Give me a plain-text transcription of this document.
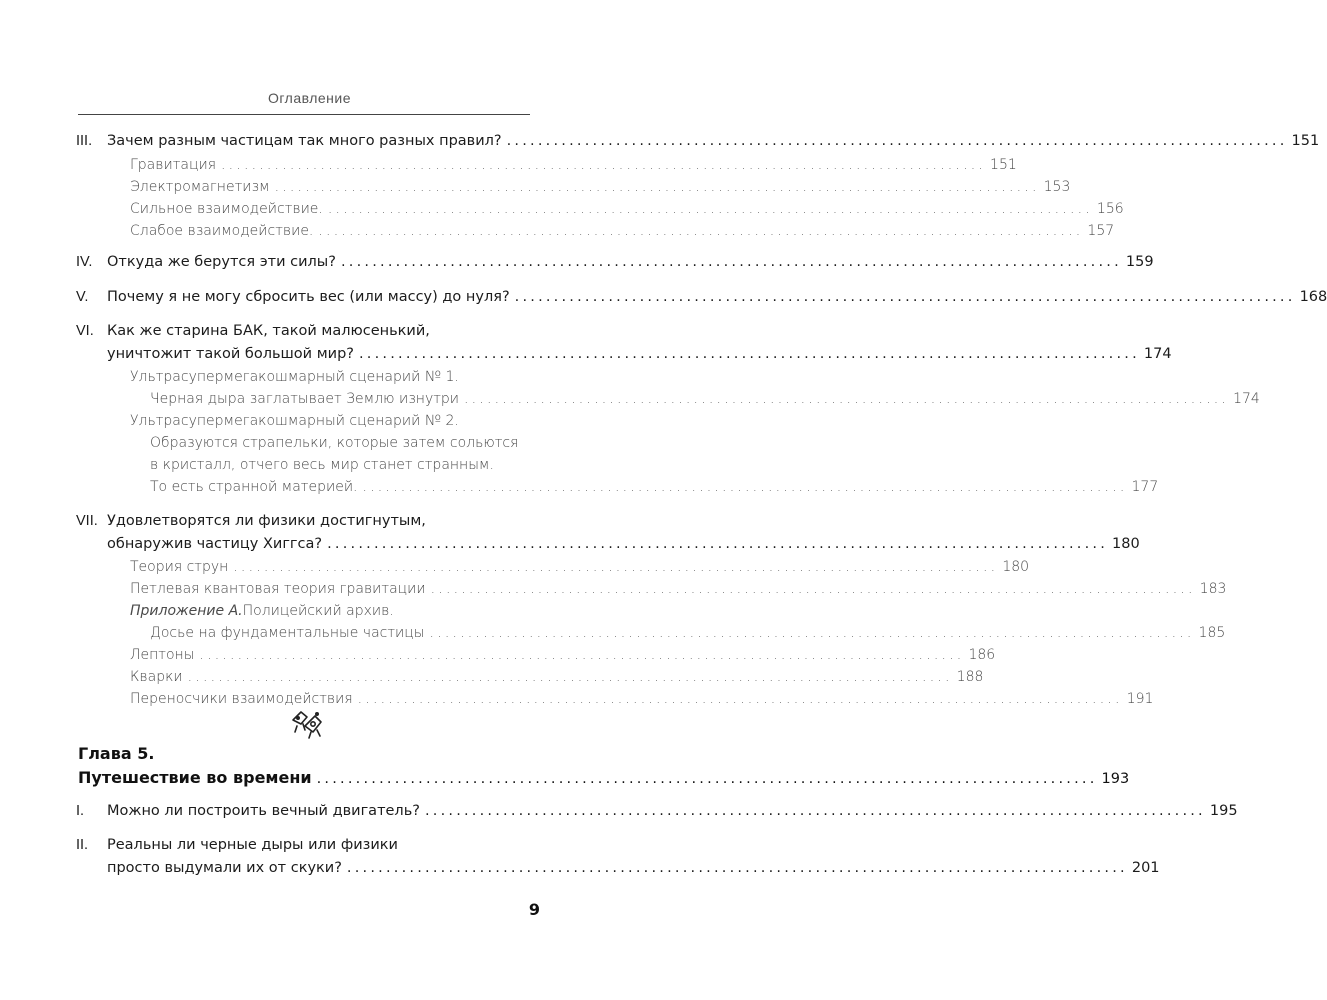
Оглавление
III.	Зачем разным частицам так много разных правил? .................................................................................................... 151
Гравитация .................................................................................................... 151
Электромагнетизм .................................................................................................... 153
Сильное взаимодействие. .................................................................................................... 156
Слабое взаимодействие. .................................................................................................... 157
IV.	Откуда же берутся эти силы? .................................................................................................... 159
V.	Почему я не могу сбросить вес (или массу) до нуля? .................................................................................................... 168
VI. Как же старина БАК, такой малюсенький,
уничтожит такой большой мир? .................................................................................................... 174
Ультрасупермегакошмарный сценарий № 1.
Черная дыра заглатывает Землю изнутри .................................................................................................... 174
Ультрасупермегакошмарный сценарий № 2.
Образуются страпельки, которые затем сольются
в кристалл, отчего весь мир станет странным.
То есть странной материей. .................................................................................................... 177
VII. Удовлетворятся ли физики достигнутым,
обнаружив частицу Хиггса? .................................................................................................... 180
Теория струн .................................................................................................... 180
Петлевая квантовая теория гравитации .................................................................................................... 183
Приложение А. Полицейский архив.
Досье на фундаментальные частицы .................................................................................................... 185
Лептоны .................................................................................................... 186
Кварки .................................................................................................... 188
Переносчики взаимодействия .................................................................................................... 191
Глава 5.
Путешествие во времени .................................................................................................... 193
I.	Можно ли построить вечный двигатель? .................................................................................................... 195
II.	Реальны ли черные дыры или физики
просто выдумали их от скуки? .................................................................................................... 201
9
